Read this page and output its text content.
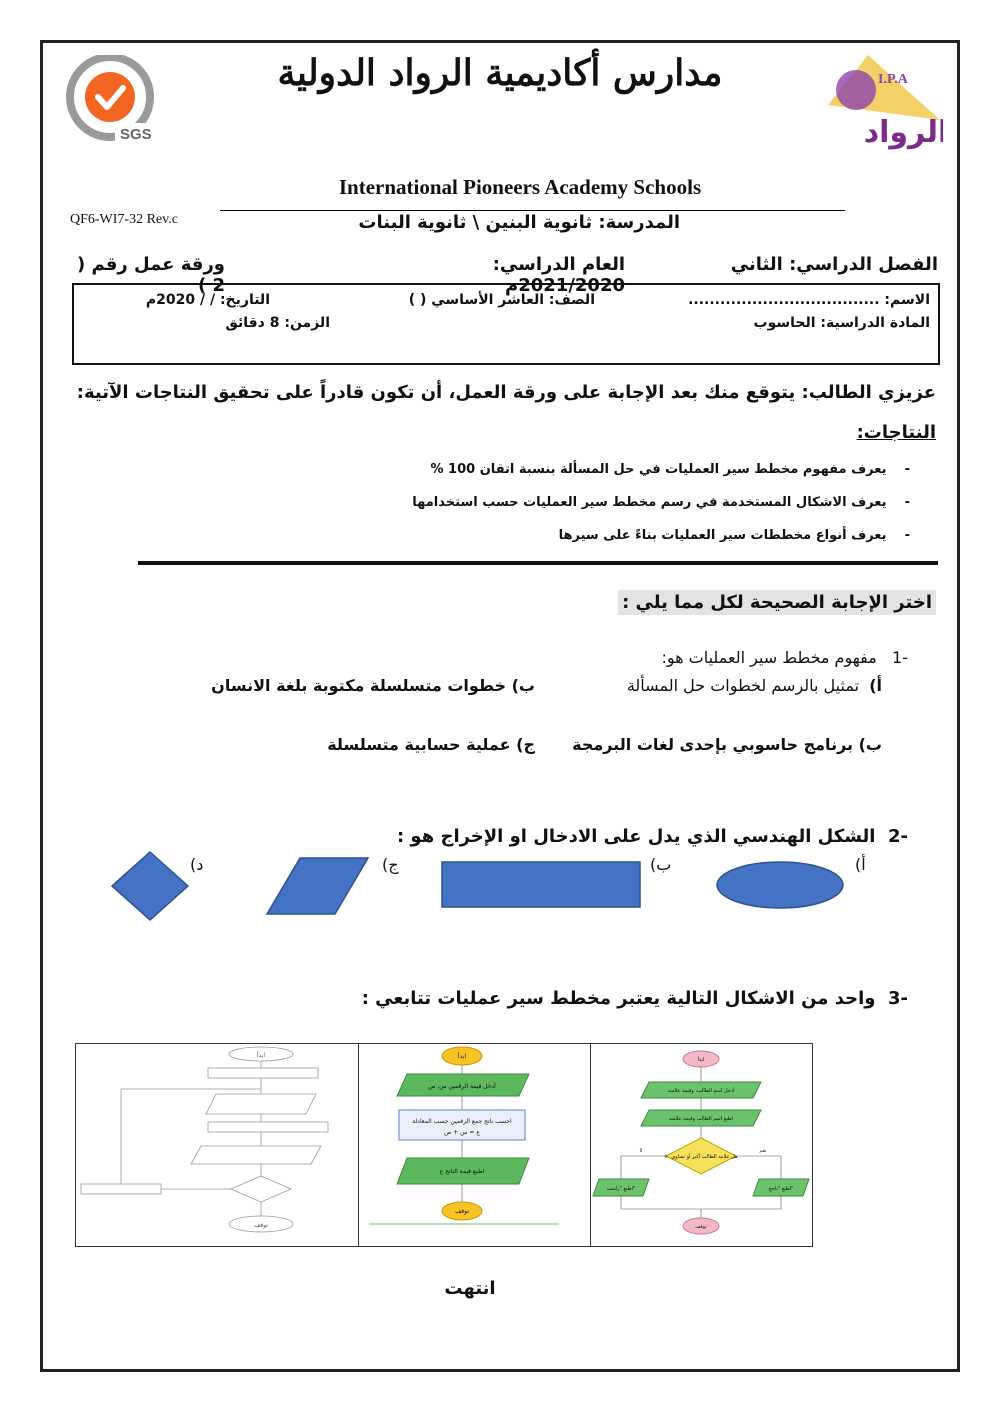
SGS
I.P.A
الرواد
مدارس أكاديمية الرواد الدولية
International Pioneers Academy Schools
QF6-WI7-32 Rev.c	المدرسة: ثانوية البنين \ ثانوية البنات
الفصل الدراسي: الثاني
العام الدراسي: 2021/2020م
ورقة عمل رقم ( 2 )
الاسم: ....................................
الصف: العاشر الأساسي ( )
التاريخ: / / 2020م
المادة الدراسية: الحاسوب
الزمن: 8 دقائق
عزيزي الطالب: يتوقع منك بعد الإجابة على ورقة العمل، أن تكون قادراً على تحقيق النتاجات الآتية:
النتاجات:
-    يعرف مفهوم مخطط سير العمليات في حل المسألة بنسبة اتقان 100 %
-    يعرف الاشكال المستخدمة في رسم مخطط سير العمليات حسب استخدامها
-    يعرف أنواع مخططات سير العمليات بناءً على سيرها
اختر الإجابة الصحيحة لكل مما يلي :
-1   مفهوم مخطط سير العمليات هو:
أ)  تمثيل بالرسم لخطوات حل المسألة
ب) خطوات متسلسلة مكتوبة بلغة الانسان
ب) برنامج حاسوبي بإحدى لغات البرمجة
ج) عملية حسابية متسلسلة
-2  الشكل الهندسي الذي يدل على الادخال او الإخراج هو :
أ)
ب)
ج)
د)
-3  واحد من الاشكال التالية يعتبر مخطط سير عمليات تتابعي :
ابدأ
توقف
ابدأ
أدخل قيمة الرقمين س، ص
احسب ناتج جمع الرقمين حسب المعادلة
ع = س + ص
اطبع قيمة الناتج ع
توقف
ابدأ
أدخل اسم الطالب، وقيمة علامته
اطبع اسم الطالب وقيمة علامته
هل علامة الطالب أكبر أو تساوي ٥٠
لا	نعم
اطبع "ناجح"
اطبع "راسب"
توقف
انتهت
